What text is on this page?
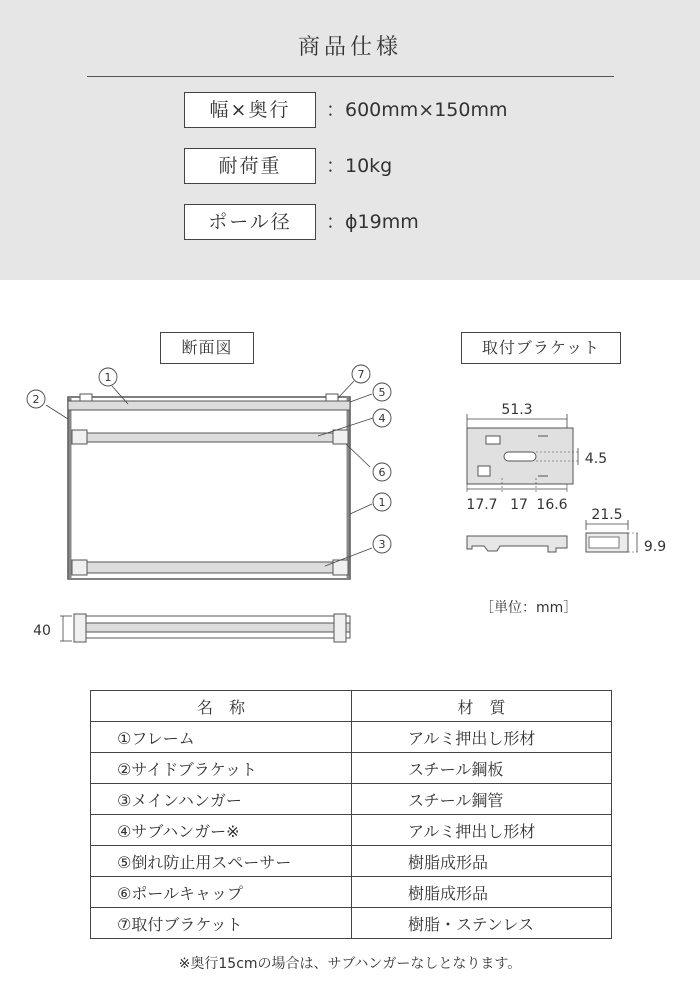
商品仕様
幅×奥行	：600mm×150mm
耐荷重	：10kg
ポール径	：ϕ19mm
断面図	取付ブラケット
1
2
7
5
4
6
1
3
40
51.3
4.5
17.7 17 16.6
21.5
9.9
［単位：mm］
名　称	材　質
①フレーム	アルミ押出し形材
②サイドブラケット	スチール鋼板
③メインハンガー	スチール鋼管
④サブハンガー※	アルミ押出し形材
⑤倒れ防止用スペーサー	樹脂成形品
⑥ポールキャップ	樹脂成形品
⑦取付ブラケット	樹脂・ステンレス
※奥行15cmの場合は、サブハンガーなしとなります。
